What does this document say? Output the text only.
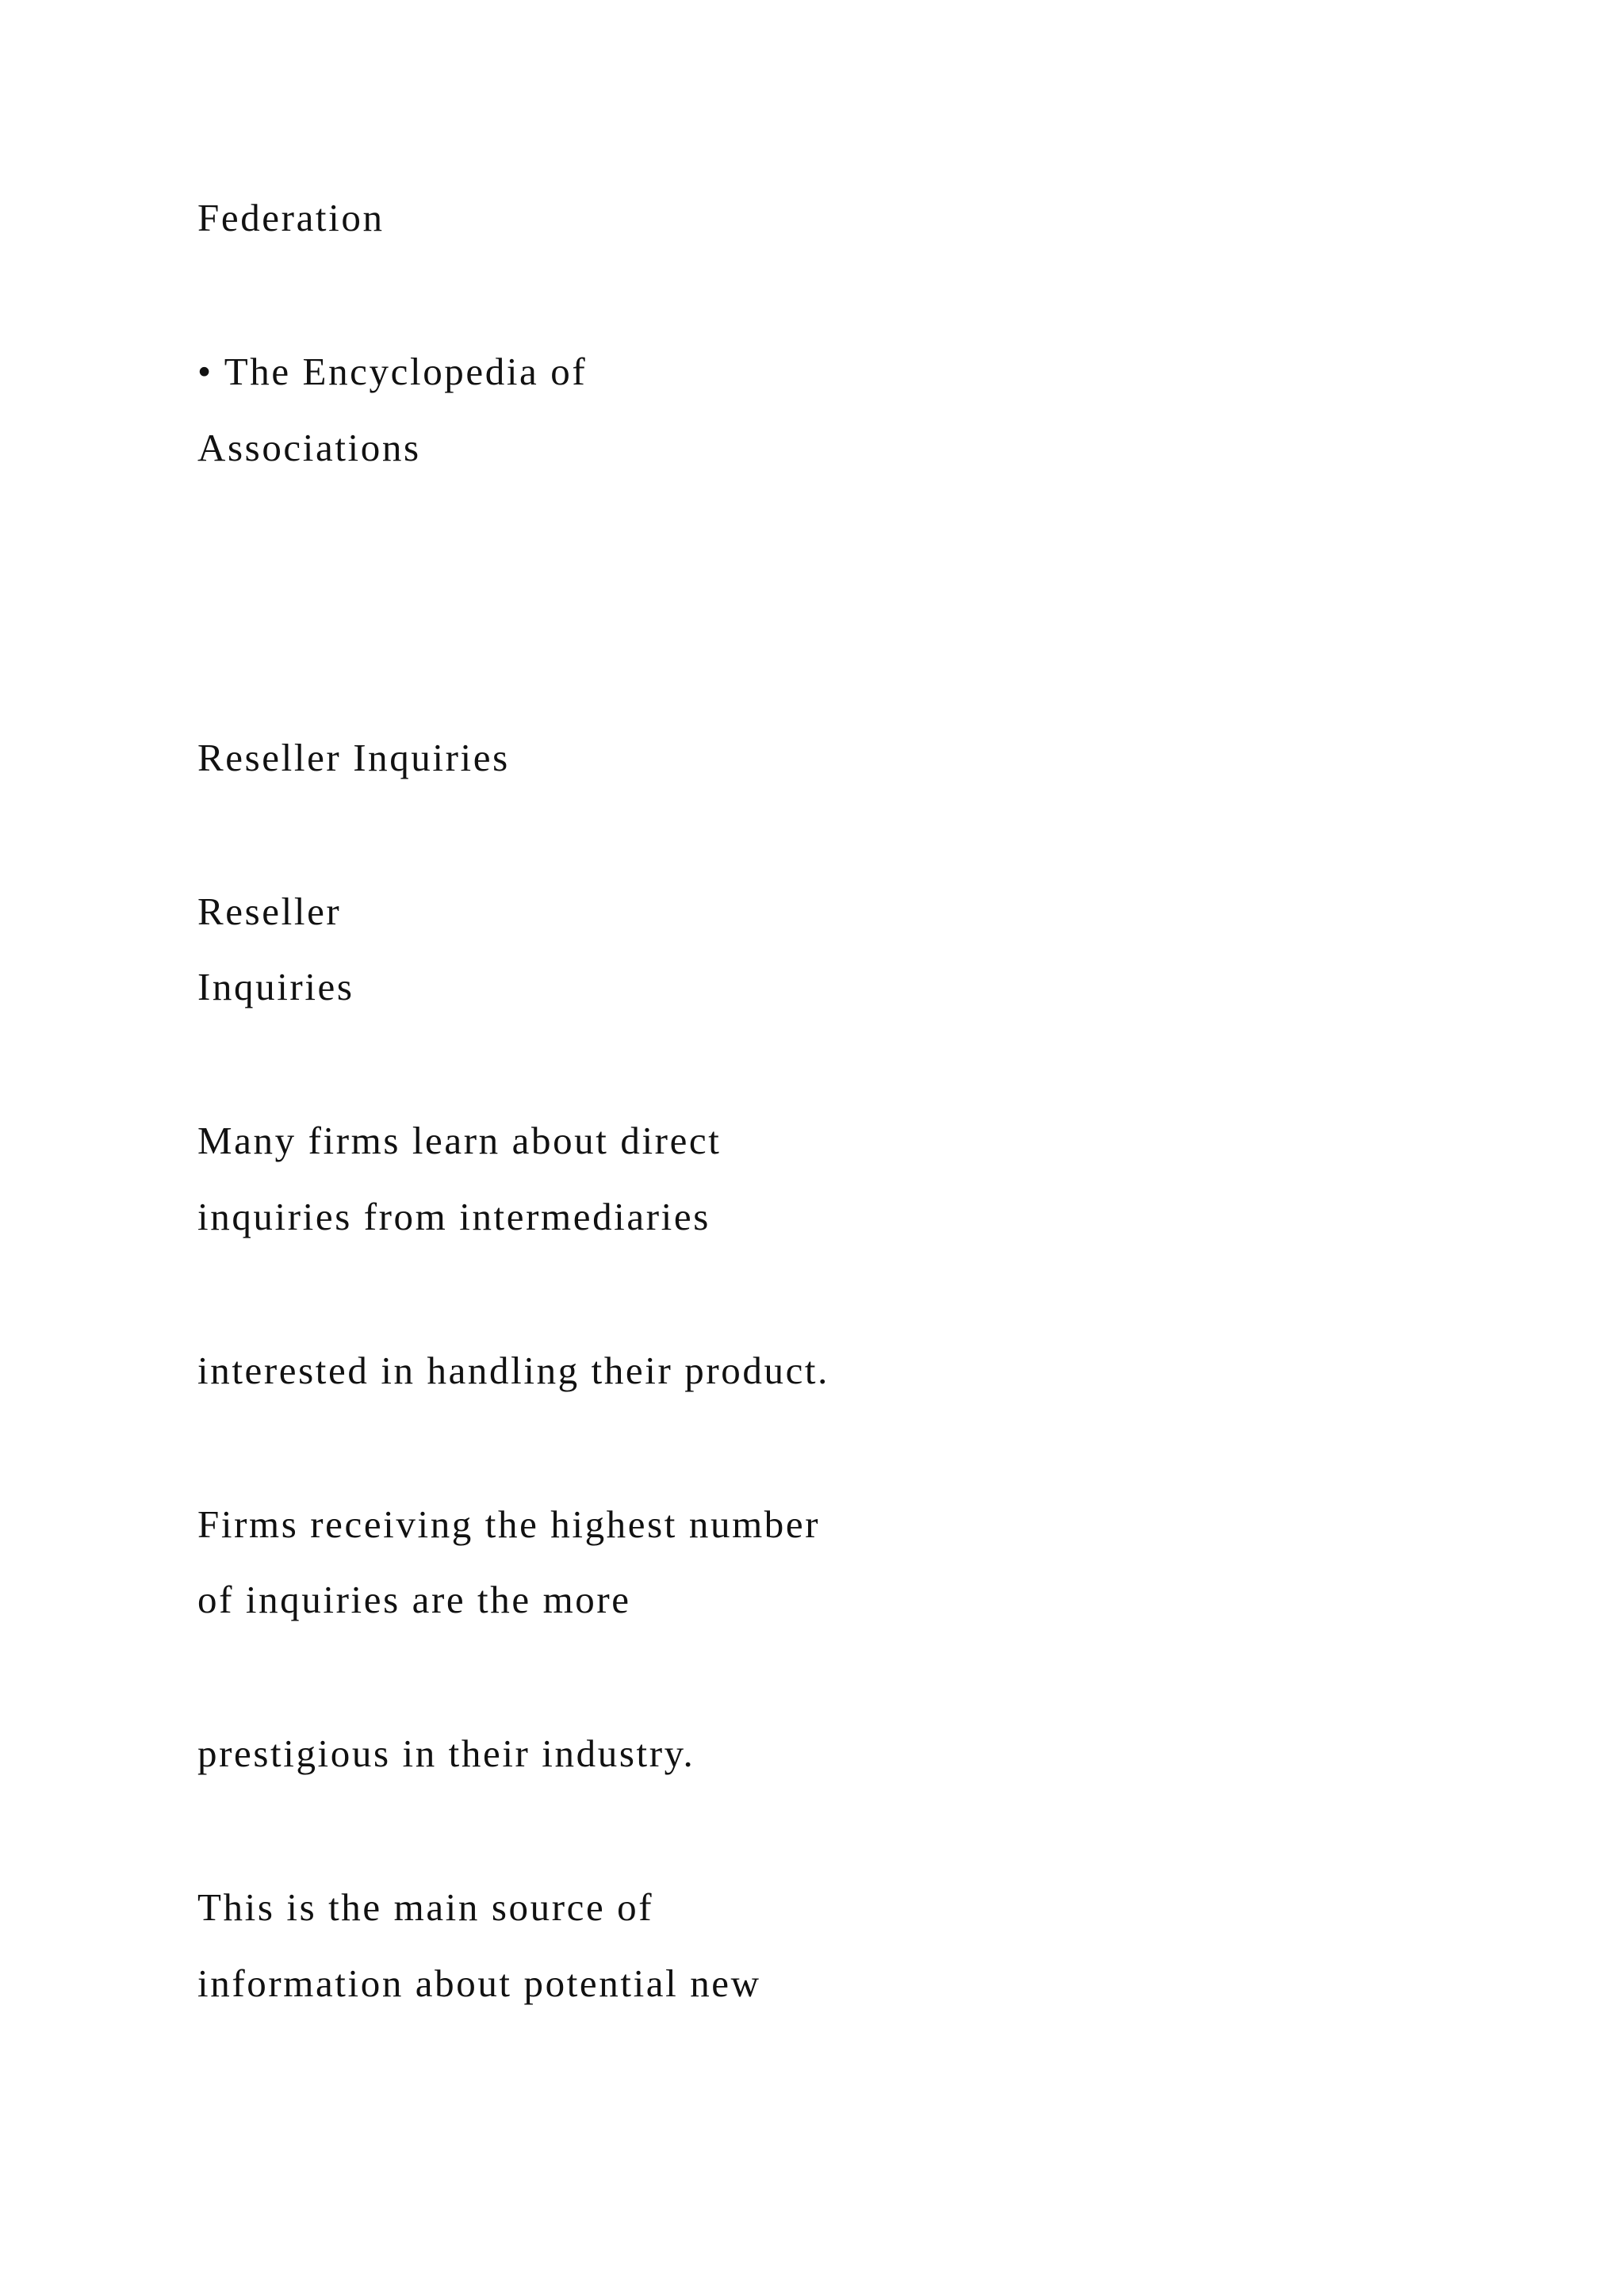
Federation
• The Encyclopedia of
Associations
Reseller Inquiries
Reseller
Inquiries
Many firms learn about direct
inquiries from intermediaries
interested in handling their product.
Firms receiving the highest number
of inquiries are the more
prestigious in their industry.
This is the main source of
information about potential new
